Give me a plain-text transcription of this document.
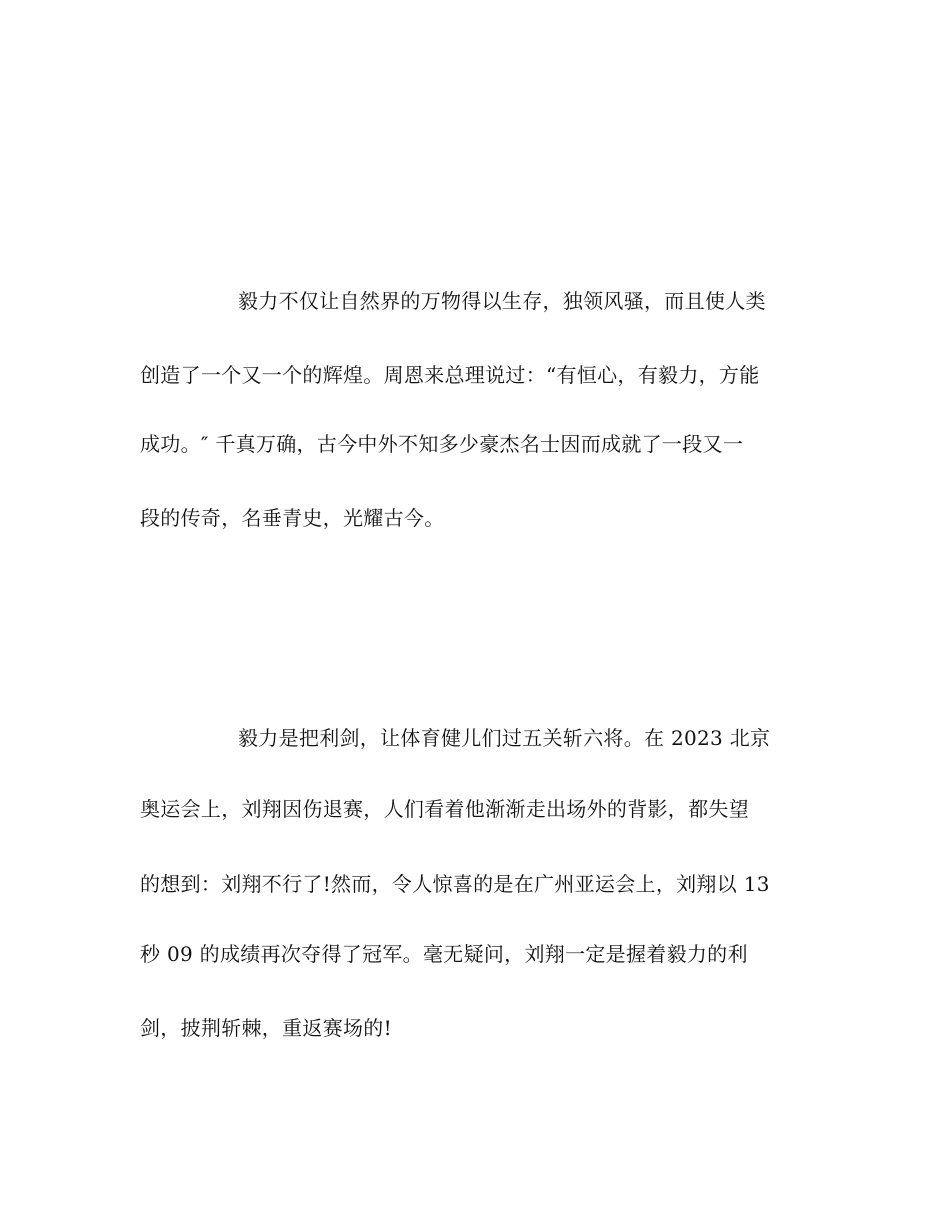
毅力不仅让自然界的万物得以生存，独领风骚，而且使人类
创造了一个又一个的辉煌。周恩来总理说过：“有恒心，有毅力，方能
成功。″ 千真万确，古今中外不知多少豪杰名士因而成就了一段又一
段的传奇，名垂青史，光耀古今。
毅力是把利剑，让体育健儿们过五关斩六将。在 2023 北京
奥运会上，刘翔因伤退赛，人们看着他渐渐走出场外的背影，都失望
的想到：刘翔不行了!然而，令人惊喜的是在广州亚运会上，刘翔以 13
秒 09 的成绩再次夺得了冠军。毫无疑问，刘翔一定是握着毅力的利
剑，披荆斩棘，重返赛场的!
